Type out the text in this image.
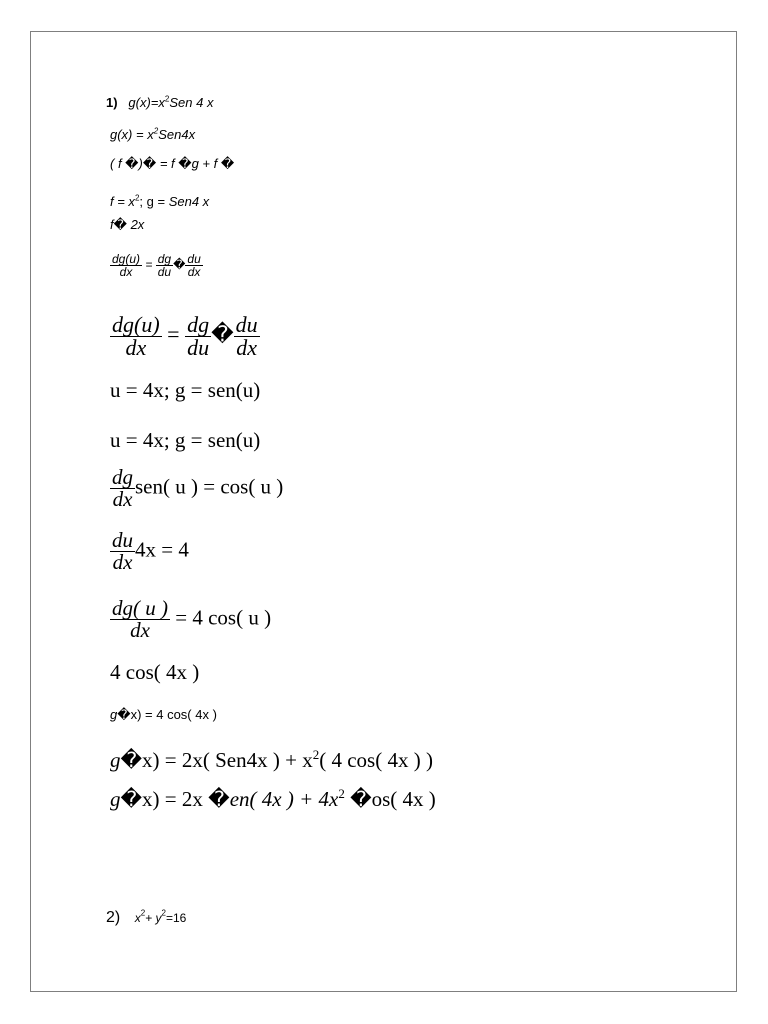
1) $g(x)=x^2Sen$ 4 x
$g(x) = x^2Sen4x$
( f �)� = f �g + f �
$f = x^2$; g = Sen4 x
f� 2x
$\frac{dg(u)}{dx} = \frac{dg}{du}$ � $\frac{du}{dx}$
$\frac{dg(u)}{dx} = \frac{dg}{du}$ � $\frac{du}{dx}$
u = 4x; g = sen(u)
u = 4x; g = sen(u)
$\frac{dg}{dx} sen$( u ) = cos( u )
$\frac{du}{dx} 4x = 4$
$\frac{dg( u )}{dx} = 4$ cos( u )
4 cos( 4x )
g�x) = 4 cos( 4x )
g�x) = 2x( Sen4x ) + $x^2$( 4 cos( 4x ) )
g�x) = 2x �en( 4x ) + $4x^2$ �os( 4x )
2) $x^2+ y^2=16$
